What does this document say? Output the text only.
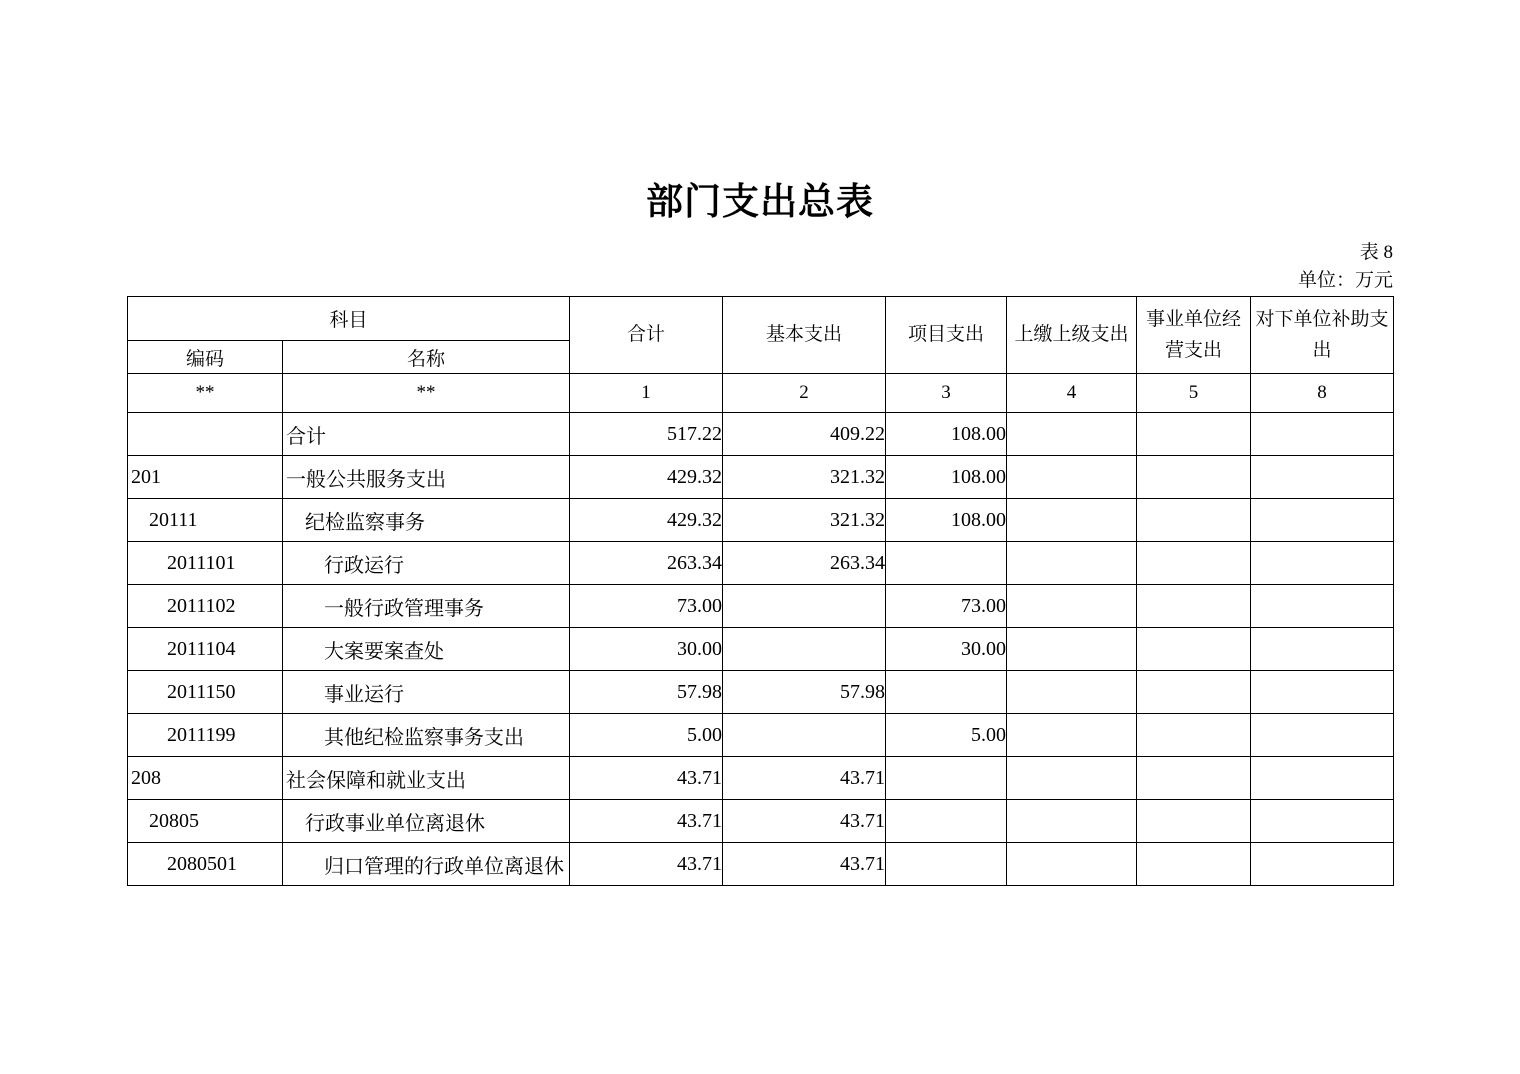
部门支出总表
表 8
单位：万元
科目		合计	基本支出	项目支出	上缴上级支出	事业单位经营支出	对下单位补助支出
编码	名称						
**	**	1	2	3	4	5	8
	合计	517.22	409.22	108.00			
201	一般公共服务支出	429.32	321.32	108.00			
20111	纪检监察事务	429.32	321.32	108.00			
2011101	行政运行	263.34	263.34				
2011102	一般行政管理事务	73.00		73.00			
2011104	大案要案查处	30.00		30.00			
2011150	事业运行	57.98	57.98				
2011199	其他纪检监察事务支出	5.00		5.00			
208	社会保障和就业支出	43.71	43.71				
20805	行政事业单位离退休	43.71	43.71				
2080501	归口管理的行政单位离退休	43.71	43.71				
